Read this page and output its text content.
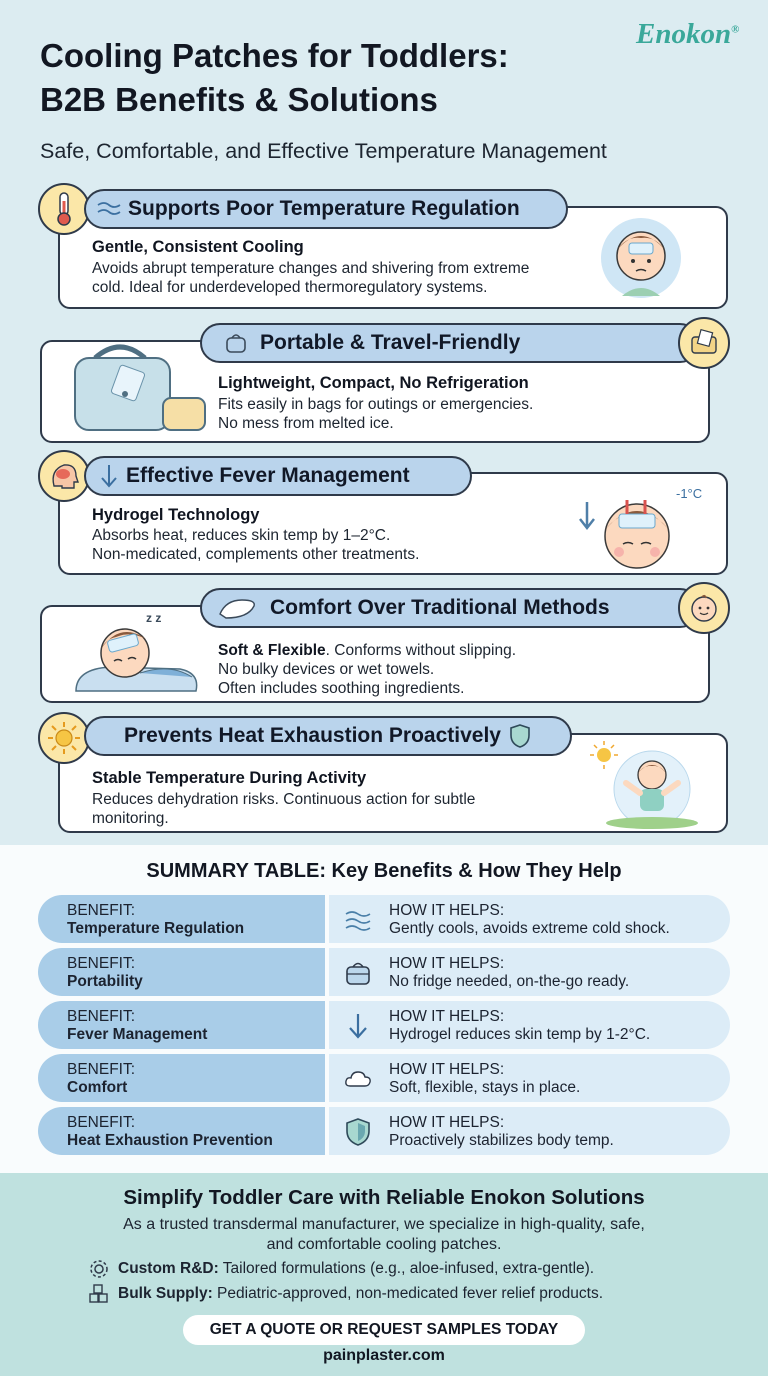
Enokon®
Cooling Patches for Toddlers:
B2B Benefits & Solutions
Safe, Comfortable, and Effective Temperature Management
Gentle, Consistent Cooling
Avoids abrupt temperature changes and shivering from extreme
cold. Ideal for underdeveloped thermoregulatory systems.
Supports Poor Temperature Regulation
Lightweight, Compact, No Refrigeration
Fits easily in bags for outings or emergencies.
No mess from melted ice.
Portable & Travel-Friendly
Hydrogel Technology
Absorbs heat, reduces skin temp by 1–2°C.
Non-medicated, complements other treatments.
-1°C
Effective Fever Management
Soft & Flexible. Conforms without slipping.
No bulky devices or wet towels.
Often includes soothing ingredients.
z z	Comfort Over Traditional Methods
Stable Temperature During Activity
Reduces dehydration risks. Continuous action for subtle
monitoring.
Prevents Heat Exhaustion Proactively
SUMMARY TABLE: Key Benefits & How They Help
BENEFIT:
Temperature Regulation
HOW IT HELPS:
Gently cools, avoids extreme cold shock.
BENEFIT:
Portability
HOW IT HELPS:
No fridge needed, on-the-go ready.
BENEFIT:
Fever Management
HOW IT HELPS:
Hydrogel reduces skin temp by 1-2°C.
BENEFIT:
Comfort
HOW IT HELPS:
Soft, flexible, stays in place.
BENEFIT:
Heat Exhaustion Prevention
HOW IT HELPS:
Proactively stabilizes body temp.
Simplify Toddler Care with Reliable Enokon Solutions
As a trusted transdermal manufacturer, we specialize in high-quality, safe,
and comfortable cooling patches.
Custom R&D: Tailored formulations (e.g., aloe-infused, extra-gentle).
Bulk Supply: Pediatric-approved, non-medicated fever relief products.
GET A QUOTE OR REQUEST SAMPLES TODAY
painplaster.com
